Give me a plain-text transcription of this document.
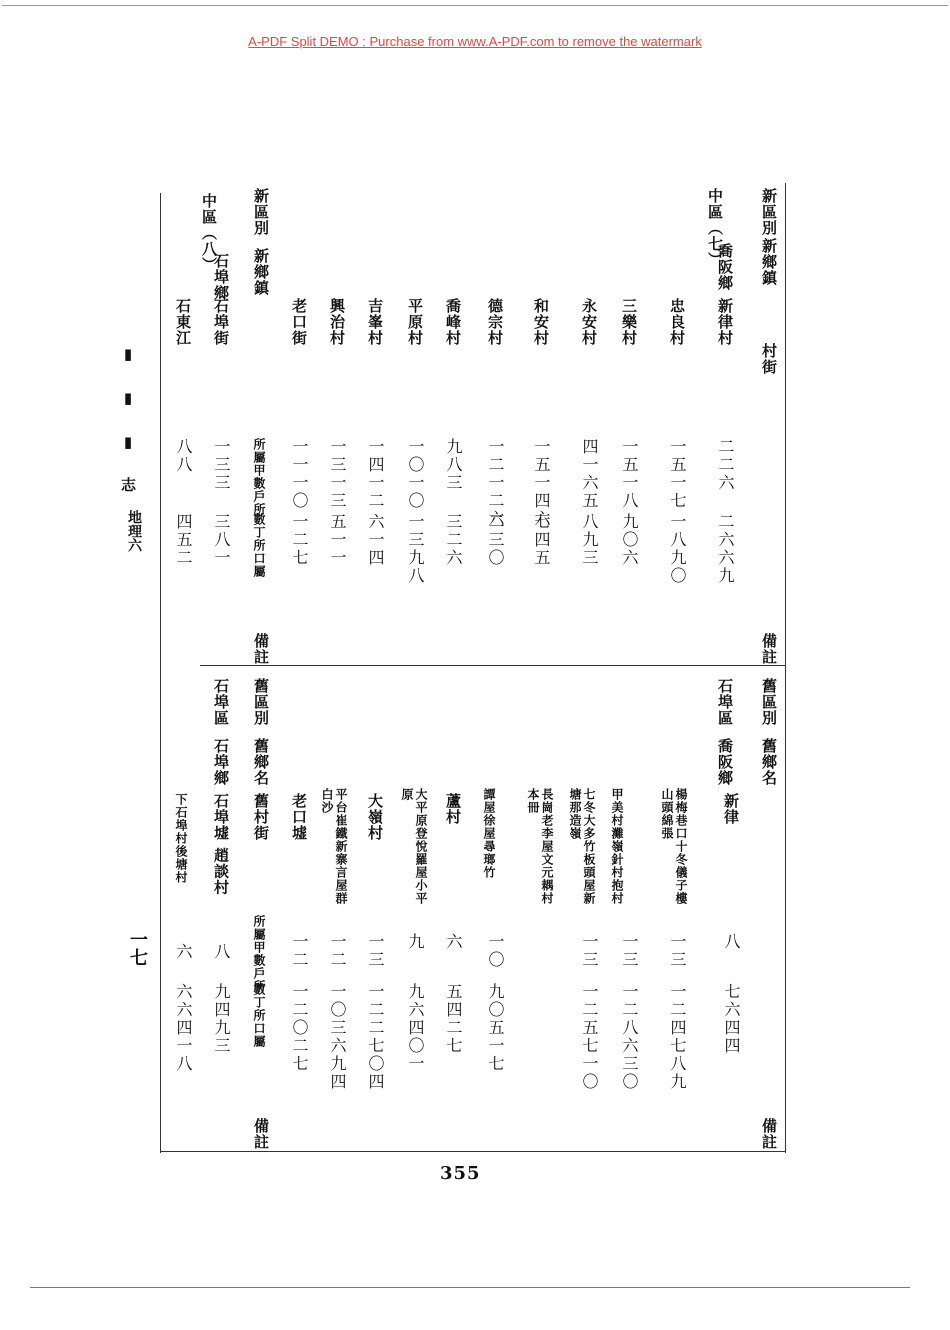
A-PDF Split DEMO : Purchase from www.A-PDF.com to remove the watermark
▮▮▮志
地理六
一七
新區別
新鄉鎮
所屬甲數戶所
數丁所口屬
備註
新區別
新鄉鎮
村街
備註
中區（七）
喬阪鄉
中區（八）
石埠鄉
新律村
二二六
二六六九
忠良村
一五一七
一八九〇
三樂村
一五一八
九〇六
永安村
四一六五
八九三
和安村
一五一四六
七四五
德宗村
一二一二六
二三〇
喬峰村
九八三
三二六
平原村
一〇一〇
一三九八
吉峯村
一四一二
六一四
興治村
一三一三
五一一
老口街
一一一〇
一二七
石埠街
一三三
三八一
石東江
八八
四五二
舊區別
舊鄉名
舊村街
所屬甲數戶所
數丁所口屬
備註
舊區別
舊鄉名
備註
石埠區
喬阪鄉
石埠區
石埠鄉
新律
八
七六四四
楊梅巷口十冬儀子樓山頭綿張
一三
一二四七八九
甲美村灘嶺針村抱村
一三
一二八六三〇
七冬大多竹板頭屋新塘那造嶺
一三
一二五七一〇
長崗老李屋文元耦村本冊
譚屋徐屋尋瑯竹
一〇
九〇五一七
蘆村
六
五四二七
大平原登悅羅屋小平原
九
九六四〇一
大嶺村
一三
一二二七〇四
平台崔鐵新寨言屋群白沙
一二
一〇三六九四
老口墟
一二
一二〇二七
石埠墟 趙談村
八
九四九三
下石埠村後塘村
六
六六四一八
355
